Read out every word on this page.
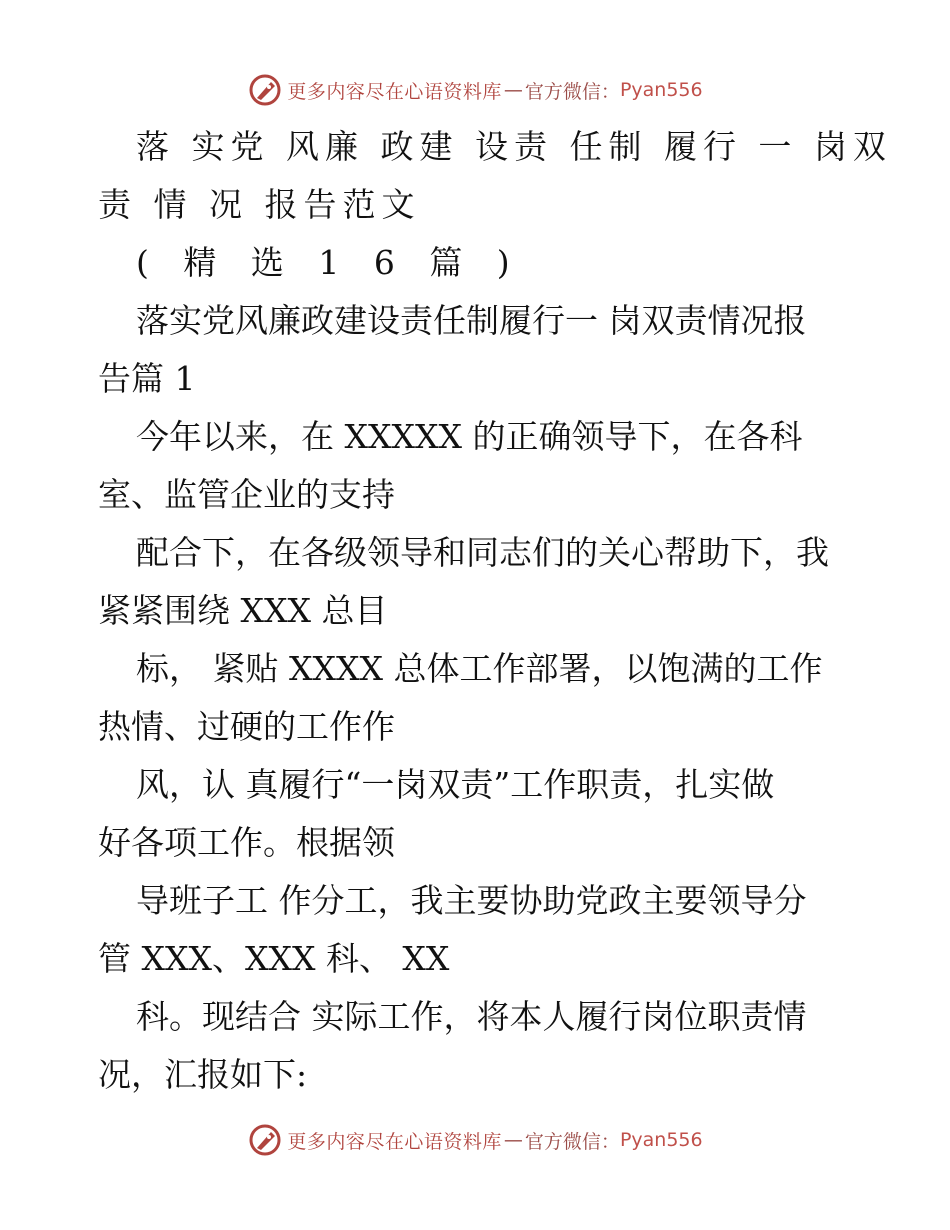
更多内容尽在心语资料库 — 官方微信： Pyan556
落 实党 风廉 政建 设责 任制 履行 一 岗双
责 情 况 报告范文
( 精 选 1 6 篇 )
落实党风廉政建设责任制履行一 岗双责情况报
告篇 1
今年以来，在 XXXXX 的正确领导下，在各科
室、监管企业的支持
配合下，在各级领导和同志们的关心帮助下，我
紧紧围绕 XXX 总目
标， 紧贴 XXXX 总体工作部署，以饱满的工作
热情、过硬的工作作
风，认 真履行“一岗双责”工作职责，扎实做
好各项工作。根据领
导班子工 作分工，我主要协助党政主要领导分
管 XXX、XXX 科、 XX
科。现结合 实际工作，将本人履行岗位职责情
况，汇报如下:
更多内容尽在心语资料库 — 官方微信： Pyan556
